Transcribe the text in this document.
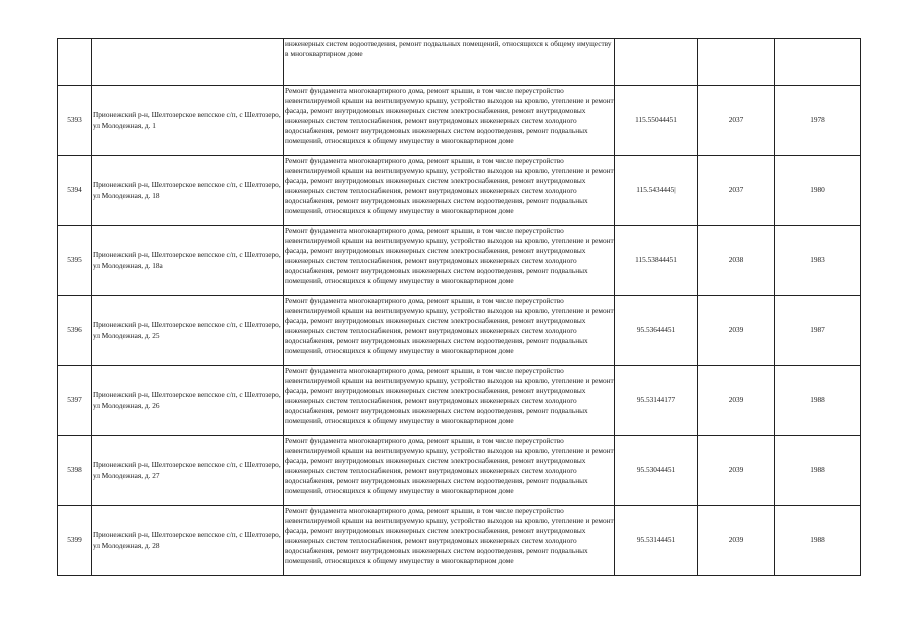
		инженерных систем водоотведения, ремонт подвальных помещений, относящихся к общему имуществу в многоквартирном доме			

5393	Прионежский р-н, Шелтозерское вепсское с/п, с Шелтозеро, ул Молодежная, д. 1	Ремонт фундамента многоквартирного дома, ремонт крыши, в том числе переустройство невентилируемой крыши на вентилируемую крышу, устройство выходов на кровлю, утепление и ремонт фасада, ремонт внутридомовых инженерных систем электроснабжения, ремонт внутридомовых инженерных систем теплоснабжения, ремонт внутридомовых инженерных систем холодного водоснабжения, ремонт внутридомовых инженерных систем водоотведения, ремонт подвальных помещений, относящихся к общему имуществу в многоквартирном доме	115.55044451	2037	1978
5394	Прионежский р-н, Шелтозерское вепсское с/п, с Шелтозеро, ул Молодежная, д. 18	Ремонт фундамента многоквартирного дома, ремонт крыши, в том числе переустройство невентилируемой крыши на вентилируемую крышу, устройство выходов на кровлю, утепление и ремонт фасада, ремонт внутридомовых инженерных систем электроснабжения, ремонт внутридомовых инженерных систем теплоснабжения, ремонт внутридомовых инженерных систем холодного водоснабжения, ремонт внутридомовых инженерных систем водоотведения, ремонт подвальных помещений, относящихся к общему имуществу в многоквартирном доме	115.5434445|	2037	1980
5395	Прионежский р-н, Шелтозерское вепсское с/п, с Шелтозеро, ул Молодежная, д. 18а	Ремонт фундамента многоквартирного дома, ремонт крыши, в том числе переустройство невентилируемой крыши на вентилируемую крышу, устройство выходов на кровлю, утепление и ремонт фасада, ремонт внутридомовых инженерных систем электроснабжения, ремонт внутридомовых инженерных систем теплоснабжения, ремонт внутридомовых инженерных систем холодного водоснабжения, ремонт внутридомовых инженерных систем водоотведения, ремонт подвальных помещений, относящихся к общему имуществу в многоквартирном доме	115.53844451	2038	1983
5396	Прионежский р-н, Шелтозерское вепсское с/п, с Шелтозеро, ул Молодежная, д. 25	Ремонт фундамента многоквартирного дома, ремонт крыши, в том числе переустройство невентилируемой крыши на вентилируемую крышу, устройство выходов на кровлю, утепление и ремонт фасада, ремонт внутридомовых инженерных систем электроснабжения, ремонт внутридомовых инженерных систем теплоснабжения, ремонт внутридомовых инженерных систем холодного водоснабжения, ремонт внутридомовых инженерных систем водоотведения, ремонт подвальных помещений, относящихся к общему имуществу в многоквартирном доме	95.53644451	2039	1987
5397	Прионежский р-н, Шелтозерское вепсское с/п, с Шелтозеро, ул Молодежная, д. 26	Ремонт фундамента многоквартирного дома, ремонт крыши, в том числе переустройство невентилируемой крыши на вентилируемую крышу, устройство выходов на кровлю, утепление и ремонт фасада, ремонт внутридомовых инженерных систем электроснабжения, ремонт внутридомовых инженерных систем теплоснабжения, ремонт внутридомовых инженерных систем холодного водоснабжения, ремонт внутридомовых инженерных систем водоотведения, ремонт подвальных помещений, относящихся к общему имуществу в многоквартирном доме	95.53144177	2039	1988
5398	Прионежский р-н, Шелтозерское вепсское с/п, с Шелтозеро, ул Молодежная, д. 27	Ремонт фундамента многоквартирного дома, ремонт крыши, в том числе переустройство невентилируемой крыши на вентилируемую крышу, устройство выходов на кровлю, утепление и ремонт фасада, ремонт внутридомовых инженерных систем электроснабжения, ремонт внутридомовых инженерных систем теплоснабжения, ремонт внутридомовых инженерных систем холодного водоснабжения, ремонт внутридомовых инженерных систем водоотведения, ремонт подвальных помещений, относящихся к общему имуществу в многоквартирном доме	95.53044451	2039	1988
5399	Прионежский р-н, Шелтозерское вепсское с/п, с Шелтозеро, ул Молодежная, д. 28	Ремонт фундамента многоквартирного дома, ремонт крыши, в том числе переустройство невентилируемой крыши на вентилируемую крышу, устройство выходов на кровлю, утепление и ремонт фасада, ремонт внутридомовых инженерных систем электроснабжения, ремонт внутридомовых инженерных систем теплоснабжения, ремонт внутридомовых инженерных систем холодного водоснабжения, ремонт внутридомовых инженерных систем водоотведения, ремонт подвальных помещений, относящихся к общему имуществу в многоквартирном доме	95.53144451	2039	1988
